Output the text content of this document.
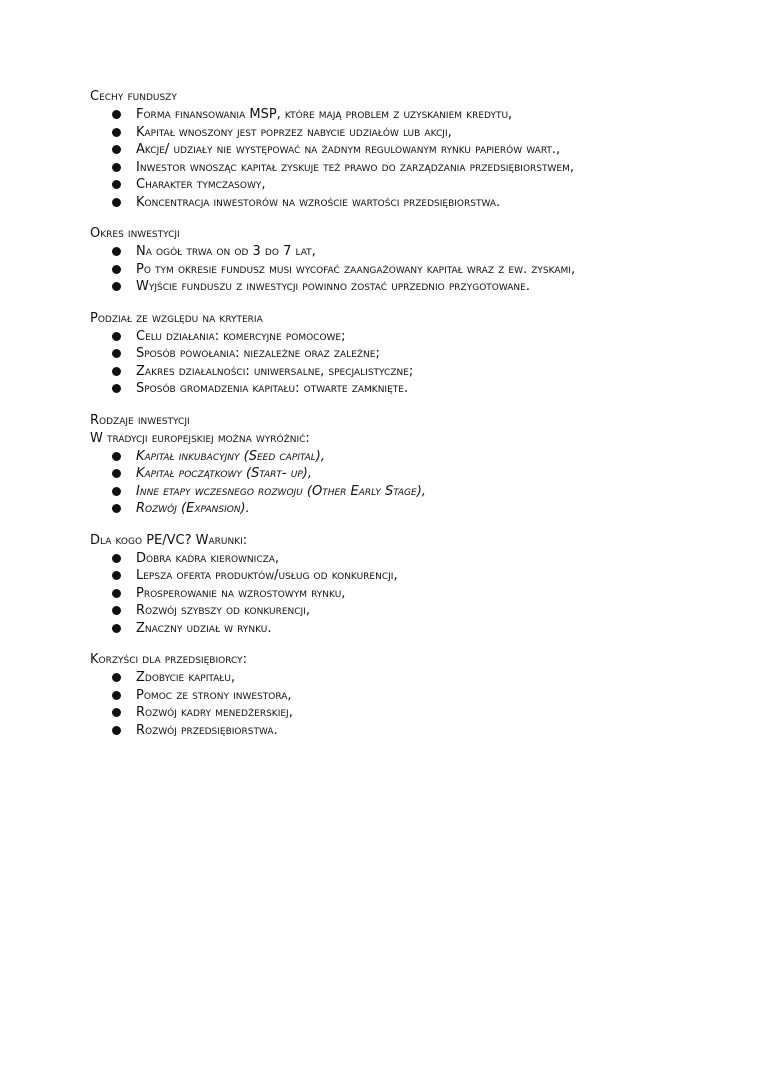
Cechy funduszy
Forma finansowania MSP, które mają problem z uzyskaniem kredytu,
Kapitał wnoszony jest poprzez nabycie udziałów lub akcji,
Akcje/ udziały nie występować na żadnym regulowanym rynku papierów wart.,
Inwestor wnosząc kapitał zyskuje też prawo do zarządzania przedsiębiorstwem,
Charakter tymczasowy,
Koncentracja inwestorów na wzroście wartości przedsiębiorstwa.
Okres inwestycji
Na ogół trwa on od 3 do 7 lat,
Po tym okresie fundusz musi wycofać zaangażowany kapitał wraz z ew. zyskami,
Wyjście funduszu z inwestycji powinno zostać uprzednio przygotowane.
Podział ze względu na kryteria
Celu działania: komercyjne pomocowe;
Sposób powołania: niezależne oraz zależne;
Zakres działalności: uniwersalne, specjalistyczne;
Sposób gromadzenia kapitału: otwarte zamknięte.
Rodzaje inwestycji
W tradycji europejskiej można wyróżnić:
Kapitał inkubacyjny (Seed capital),
Kapitał początkowy (Start- up),
Inne etapy wczesnego rozwoju (Other Early Stage),
Rozwój (Expansion).
Dla kogo PE/VC? Warunki:
Dobra kadra kierownicza,
Lepsza oferta produktów/usług od konkurencji,
Prosperowanie na wzrostowym rynku,
Rozwój szybszy od konkurencji,
Znaczny udział w rynku.
Korzyści dla przedsiębiorcy:
Zdobycie kapitału,
Pomoc ze strony inwestora,
Rozwój kadry menedżerskiej,
Rozwój przedsiębiorstwa.
